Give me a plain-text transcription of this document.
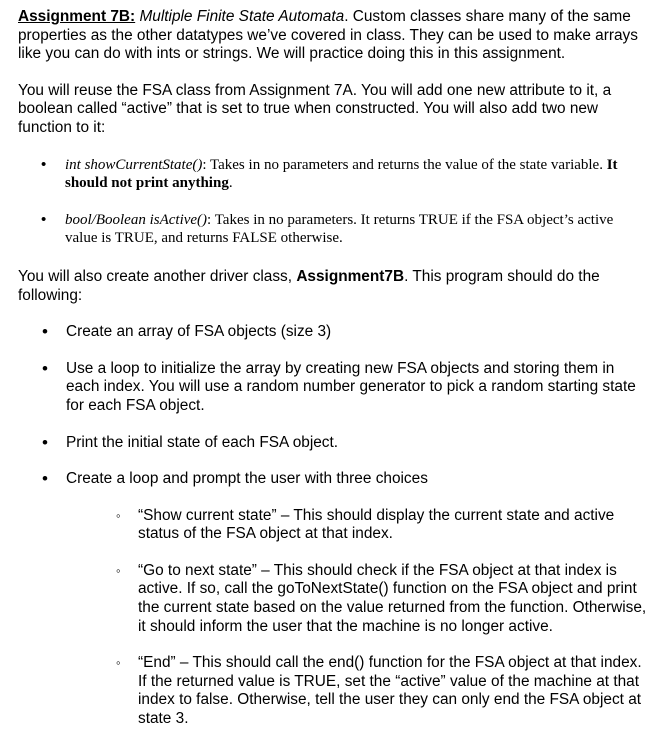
Assignment 7B: Multiple Finite State Automata. Custom classes share many of the same properties as the other datatypes we’ve covered in class. They can be used to make arrays like you can do with ints or strings. We will practice doing this in this assignment.

You will reuse the FSA class from Assignment 7A. You will add one new attribute to it, a boolean called “active” that is set to true when constructed. You will also add two new function to it:

• int showCurrentState(): Takes in no parameters and returns the value of the state variable. It should not print anything.
• bool/Boolean isActive(): Takes in no parameters. It returns TRUE if the FSA object’s active value is TRUE, and returns FALSE otherwise.

You will also create another driver class, Assignment7B. This program should do the following:

• Create an array of FSA objects (size 3)
• Use a loop to initialize the array by creating new FSA objects and storing them in each index. You will use a random number generator to pick a random starting state for each FSA object.
• Print the initial state of each FSA object.
• Create a loop and prompt the user with three choices
◦ “Show current state” – This should display the current state and active status of the FSA object at that index.
◦ “Go to next state” – This should check if the FSA object at that index is active. If so, call the goToNextState() function on the FSA object and print the current state based on the value returned from the function. Otherwise, it should inform the user that the machine is no longer active.
◦ “End” – This should call the end() function for the FSA object at that index. If the returned value is TRUE, set the “active” value of the machine at that index to false. Otherwise, tell the user they can only end the FSA object at state 3.
